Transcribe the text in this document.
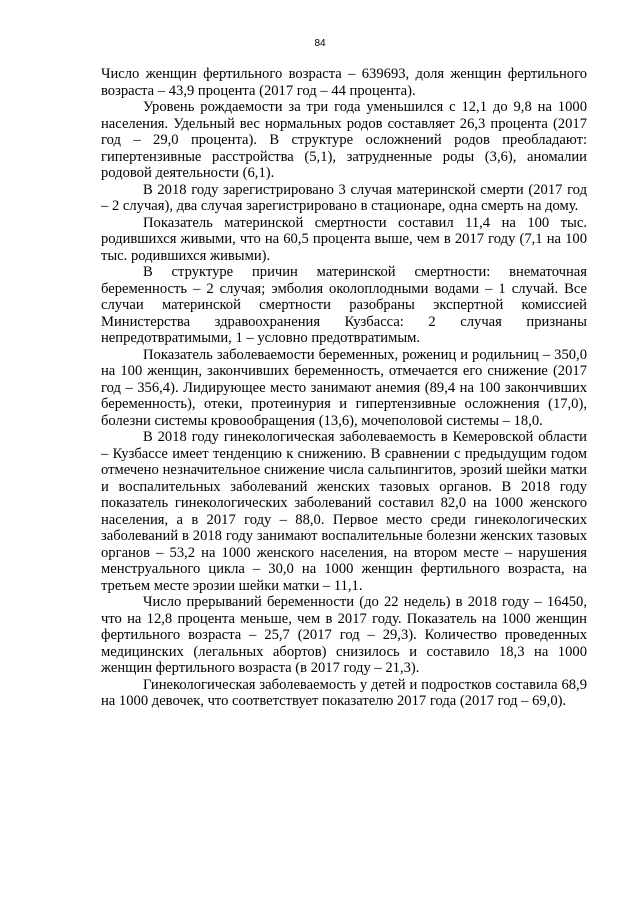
84

Число женщин фертильного возраста – 639693, доля женщин фертильного возраста – 43,9 процента (2017 год – 44 процента).

Уровень рождаемости за три года уменьшился с 12,1 до 9,8 на 1000 населения. Удельный вес нормальных родов составляет 26,3 процента (2017 год – 29,0 процента). В структуре осложнений родов преобладают: гипертензивные расстройства (5,1), затрудненные роды (3,6), аномалии родовой деятельности (6,1).

В 2018 году зарегистрировано 3 случая материнской смерти (2017 год – 2 случая), два случая зарегистрировано в стационаре, одна смерть на дому.

Показатель материнской смертности составил 11,4 на 100 тыс. родившихся живыми, что на 60,5 процента выше, чем в 2017 году (7,1 на 100 тыс. родившихся живыми).

В структуре причин материнской смертности: внематочная беременность – 2 случая; эмболия околоплодными водами – 1 случай. Все случаи материнской смертности разобраны экспертной комиссией Министерства здравоохранения Кузбасса: 2 случая признаны непредотвратимыми, 1 – условно предотвратимым.

Показатель заболеваемости беременных, рожениц и родильниц – 350,0 на 100 женщин, закончивших беременность, отмечается его снижение (2017 год – 356,4). Лидирующее место занимают анемия (89,4 на 100 закончивших беременность), отеки, протеинурия и гипертензивные осложнения (17,0), болезни системы кровообращения (13,6), мочеполовой системы – 18,0.

В 2018 году гинекологическая заболеваемость в Кемеровской области – Кузбассе имеет тенденцию к снижению. В сравнении с предыдущим годом отмечено незначительное снижение числа сальпингитов, эрозий шейки матки и воспалительных заболеваний женских тазовых органов. В 2018 году показатель гинекологических заболеваний составил 82,0 на 1000 женского населения, а в 2017 году – 88,0. Первое место среди гинекологических заболеваний в 2018 году занимают воспалительные болезни женских тазовых органов – 53,2 на 1000 женского населения, на втором месте – нарушения менструального цикла – 30,0 на 1000 женщин фертильного возраста, на третьем месте эрозии шейки матки – 11,1.

Число прерываний беременности (до 22 недель) в 2018 году – 16450, что на 12,8 процента меньше, чем в 2017 году. Показатель на 1000 женщин фертильного возраста – 25,7 (2017 год – 29,3). Количество проведенных медицинских (легальных абортов) снизилось и составило 18,3 на 1000 женщин фертильного возраста (в 2017 году – 21,3).

Гинекологическая заболеваемость у детей и подростков составила 68,9 на 1000 девочек, что соответствует показателю 2017 года (2017 год – 69,0).
